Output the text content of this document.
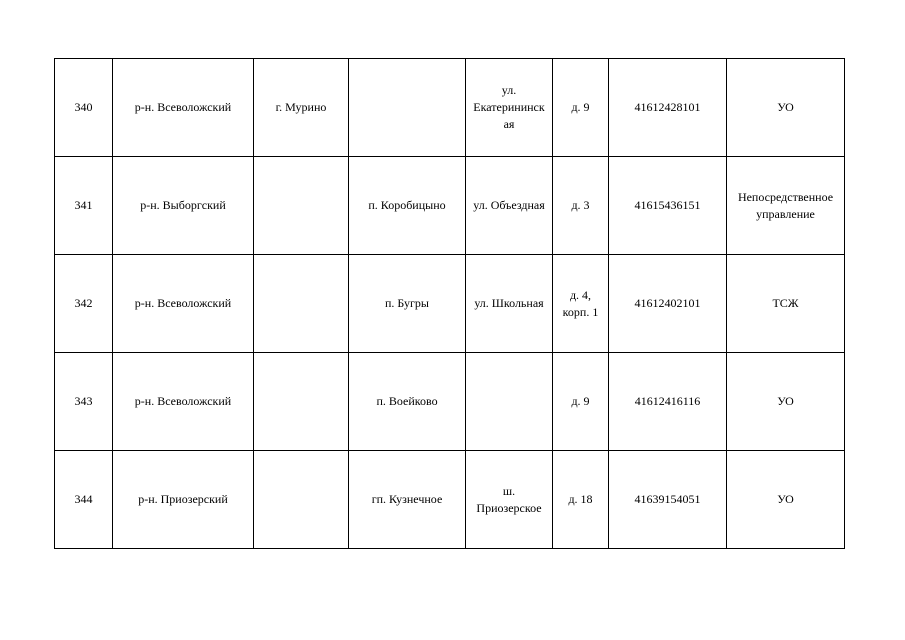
340	р-н. Всеволожский	г. Мурино		ул. Екатерининск ая	д. 9	41612428101	УО
341	р-н. Выборгский		п. Коробицыно	ул. Объездная	д. 3	41615436151	Непосредственное управление
342	р-н. Всеволожский		п. Бугры	ул. Школьная	д. 4, корп. 1	41612402101	ТСЖ
343	р-н. Всеволожский		п. Воейково		д. 9	41612416116	УО
344	р-н. Приозерский		гп. Кузнечное	ш. Приозерское	д. 18	41639154051	УО
